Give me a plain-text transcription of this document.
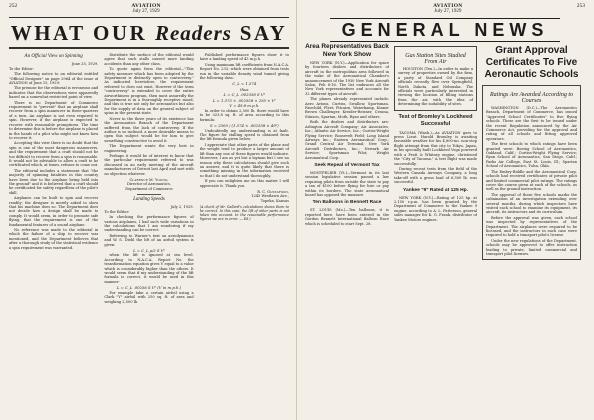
252	AVIATION
July 27, 1929
WHAT OUR Readers SAY
An Official View on Spinning
June 25, 1929.

To the Editor:

The following notice to an editorial entitled "Official Designer" on page 2964 of the issue of AVIATION of June 15, 1929:

The premise for the editorial is erroneous and indicates that the observations were apparently based on a somewhat restricted point of view.

There is no Department of Commerce requirement to "prevent" that an airplane shall recover from a spin maneuver in three-quarters of a turn. An airplane is not even required to spin. However, if the airplane is expected to recover with reasonable promptness. The time to determine this is before the airplane is placed in the hands of a pilot who might not know how to recover it.

Accepting this view there is no doubt that the spin is one of the most dangerous maneuvers, and the requirement that a craft should not be too difficult to recover from a spin is reasonable. It would not be advisable to allow a craft to be certificated which, at times, refuses to come out.

The editorial includes a statement that "the majority of spinning fatalities in this country have been due to the airplane being held into the ground" and it is believed that a craft should be certificated for safety regardless of the pilot's skill.

Airplanes can be built to spin and recover readily; the designer is merely asked to show that his machine does so. The Department does not decide how a design shall be made to comply. It would seem, in order to promote safe flying, that the requirement is one of the fundamental features of a sound airplane.

No reference was made to the editorial in which the failure of a ship to recover was mentioned, and the Department believes that after a thorough study of the statistical evidence a spin requirement was warranted.

Distribute the surface of the editorial would agree that such stalls caused more landing accidents than any other class.

To quote again from the editorial—"This safety measure which has been adopted by the Department is distinctly open to controversy." As indicated heretofore, the requirement referred to does not exist. However if the term "controversy" is extended to cover the entire airworthiness program, then most assuredly the Department is in a thoroughly receptive mood, and this is true not only for aeronautics but also for the supply of data on the general subject of spins in the present state.

Never in the three years of its existence has the Aeronautics Branch of the Department suffered from the lack of controversy. If the author is so inclined, a more desirable means to open this subject would be for him to give something constructive to avoid it.

The Department wants the very best in engineering.

Perhaps it would be of interest to know that the particular requirement referred to was discussed in an early meeting of the aircraft manufacturers of Detroit last April and met with no objection whatever.

Clarence M. Young,
Director of Aeronautics,
Department of Commerce
Landing Speeds
July 2, 1929.

To the Editor:

In checking the performance figures of various airplanes, I had such wide variations in the calculations that I am wondering if my understanding can be correct.

Referring to Warner's text on aerodynamics and W. S. Diehl the lift of an airfoil system is given:

L = C_L ρ/2 S V²

when the lift is ignored at sea level. According to N.A.C.A. Report No. the transformation equation gives V equal to a value which is considerably higher than the others. It would seem that if my understanding of the lift formula is correct, it would be used in this manner:

L = C_L .00256 S V² (V in m.p.h.)

For example take a certain airfoil using a Clark "Y" airfoil with 250 sq. ft. of area and weighing 2,500 lb.

Published performance figures show it to have a landing speed of 43 m.p.h.

Using maximum lift coefficients from N.A.C.A. Report No. 233, which were obtained from tests run in the variable density wind tunnel giving the following data:

C_L = 1.574
thus
L = C_L .002558 S V²
L = 1.575 × .002558 × 250 × V²
V = 49.8 m.p.h.

In order to obtain 2,500 lb. there would have to be 323.8 sq. ft. of area according to this formula:

S = 2500 / (1.574 × .002558 × 49²)

Undoubtedly my understanding is at fault. The figure for stalling speed is obtained from the lift formula given below.

I appreciate that other parts of the plane and the weight tend to produce a larger amount of lift than any one of these figures would indicate. Moreover, I am as yet but a layman but I see no reason why these calculations should give such an answer, and it is quite likely that there is something missing in the information received so that I do not understand thoroughly.

If you can enlighten me on this matter I will appreciate it. Thank you.

R. C. Gustafson,
1245 Westlawn Ave.,
Topeka, Kansas
(A check of Mr. Gallard's calculations shows them to be correct. In this case, the lift of other parts is not taken into account. In the reasonable performance figures we are in error. — Ed.)
AVIATION
July 27, 1929
253
GENERAL NEWS
Area Representatives Back New York Show

NEW YORK (N.Y.)—Application for space by fourteen dealers and distributors of aircraft in the metropolitan area followed in the wake of the Aeronautical Chamber's announcement of the 1930 New York Aircraft Salon, Feb 8-16. The list embraces all the New York representatives and accounts for 32 different types of aircraft.

The planes already represented include: Aero Avions, Curtiss, Swallow, Sportsman, Fairchild, Fleet, Pitcairn, Waterkamp, Kinner Brown Challenger, Kreider-Reisner, Cessna, Stinson, Spartan, Moth, Ryan and others.

Both the dealers and distributors are: Arlington Aircraft Company; Air Associates, Inc.; Atlantic Air Service, Inc.; Curtiss-Wright Flying Service; Roosevelt Field; Long Island Airways Inc.; Eastern Aeronautical Corp.; Grand Central Air Terminal; New York Aircraft Distributors, Inc.; Newark Air Service; Sportsman Pilot; Wright Aeronautical Corp.

Seek Repeal of Vermont Tax

MONTPELIER (Vt.)—Vermont in its last session legislative session passed a law requiring pilots from outside the state to pay a tax of $100 before flying for hire or pay within its borders. The state aeronautical board has opposed the measure.

Ten Balloons in Bennett Race

ST. LOUIS (Mo.)—Ten balloons, it is reported here, have been entered in the Gordon Bennett International Balloon Race which is scheduled to start Sept. 28.

Gas Station Sites Studied From Air

HOUSTON (Tex.)—In order to make a survey of properties owned by the firm, a party of Standard Oil Company officials recently flew over Springfield, North Dakota, and Nebraska. The officials were particularly interested in viewing the location of filling stations from the air, with the idea of determining the suitability of sites.

Test of Bromley's Lockheed Successful

TACOMA (Wash.)—As AVIATION goes to press Lieut. Harold Bromley is awaiting favorable weather for his 4,800-mi. non-stop flight attempt from this city to Tokyo, Japan, in his specially built Lockheed Vega powered with a Pratt & Whitney engine, christened the "City of Tacoma." A test flight was made successfully.

During recent tests from the field of the Western Canada Airways Company, a long take-off with a gross load of 6,500 lb. was successful.

Yankee "9" Rated at 125 Hp.

NEW YORK (N.Y.)—Rating of 125 hp. at 2,150 r.p.m. has been granted by the Department of Commerce to the Yankee 9 engine, according to A. L. Patterson, general sales manager for K. G. Frank, distributor of Yankee Motors engines.

Grant Approval Certificates To Five Aeronautic Schools
Ratings Are Awarded According to Courses

WASHINGTON (D.C.)—The Aeronautics Branch, Department of Commerce, has issued "Approved School Certificates" to five flying schools. These are the first to be issued under the recent Regulation announced by the Air Commerce Act, providing for the approval and rating of all schools and fitting approved operators.

The first schools to which ratings have been granted were: Boeing School of Aeronautics, Oakland, Calif.; Curtiss-Wright Flying Service; Ryan School of Aeronautics, San Diego, Calif.; Parks Air College, East St. Louis, Ill.; Spartan School of Aeronautics, Tulsa, Okla.

The Embry-Riddle and the Aeronautical Corp. schools had received certificates of private pilot and limited commercial pilot ratings. The ratings cover the course given at each of the schools, as well as the ground instruction.

The approval of these five schools marks the culmination of an investigation extending over several months, during which inspectors have visited each school to examine its equipment, its aircraft, its instructors and its curriculum.

Before the approval was given, each school was inspected by representatives of the Department. The airplanes were required to be licensed, and the instructors in each case were required to hold a transport pilot's license.

Under the new regulations of the Department, schools may be approved to offer instruction leading to private, limited commercial and transport pilot licenses.
